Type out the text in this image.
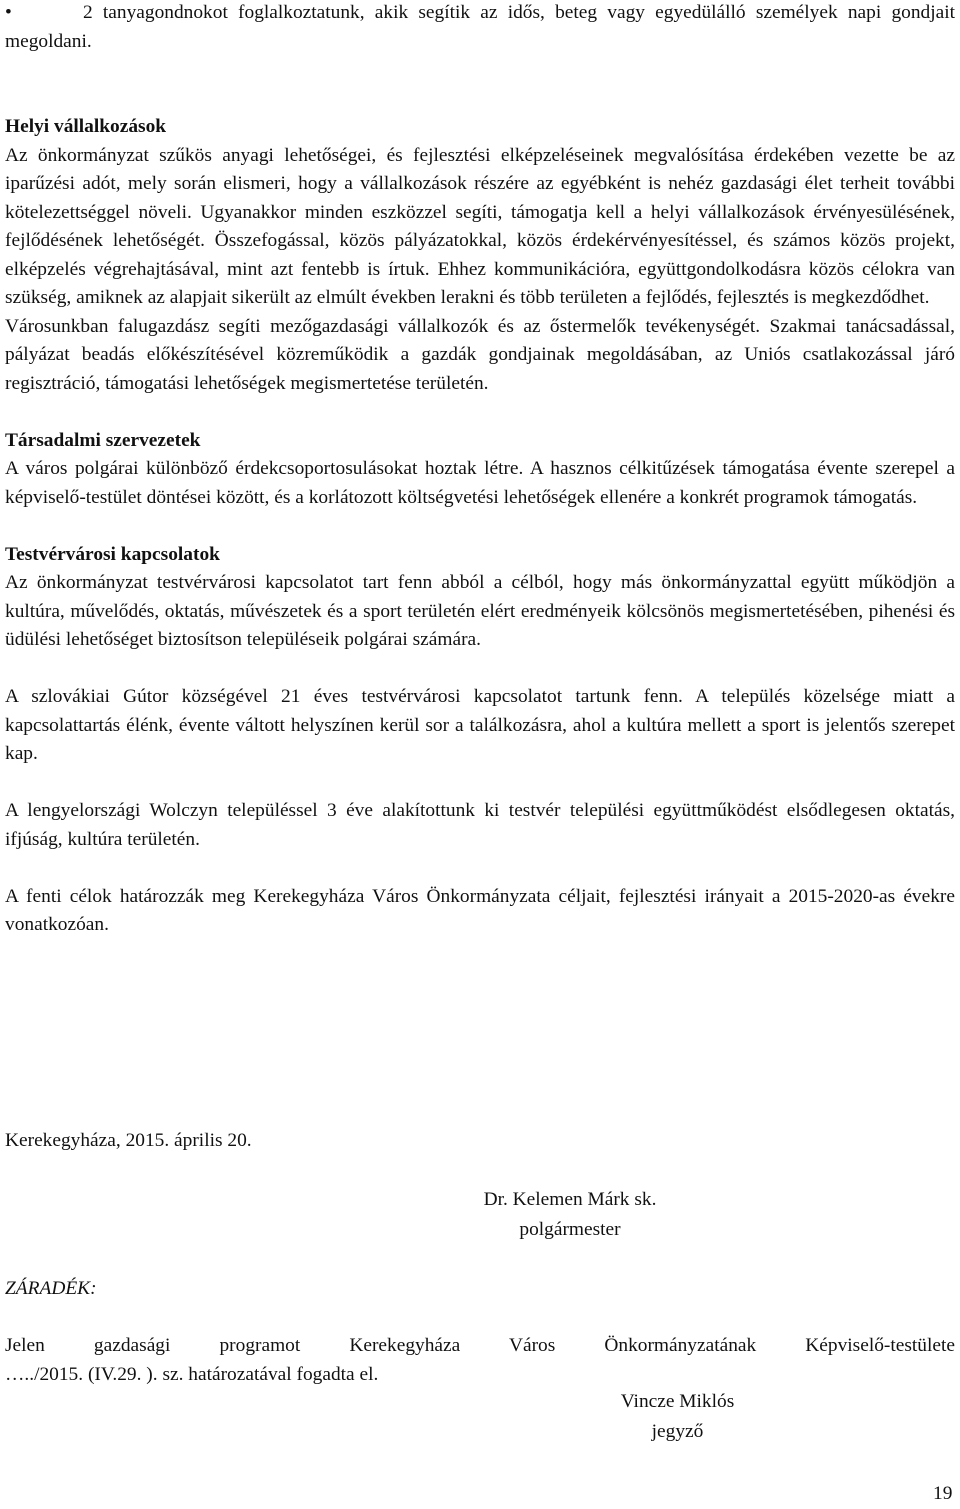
•	2 tanyagondnokot foglalkoztatunk, akik segítik az idős, beteg vagy egyedülálló személyek napi gondjait megoldani.
Helyi vállalkozások

Az önkormányzat szűkös anyagi lehetőségei, és fejlesztési elképzeléseinek megvalósítása érdekében vezette be az iparűzési adót, mely során elismeri, hogy a vállalkozások részére az egyébként is nehéz gazdasági élet terheit további kötelezettséggel növeli. Ugyanakkor minden eszközzel segíti, támogatja kell a helyi vállalkozások érvényesülésének, fejlődésének lehetőségét. Összefogással, közös pályázatokkal, közös érdekérvényesítéssel, és számos közös projekt, elképzelés végrehajtásával, mint azt fentebb is írtuk. Ehhez kommunikációra, együttgondolkodásra közös célokra van szükség, amiknek az alapjait sikerült az elmúlt években lerakni és több területen a fejlődés, fejlesztés is megkezdődhet.

Városunkban falugazdász segíti mezőgazdasági vállalkozók és az őstermelők tevékenységét. Szakmai tanácsadással, pályázat beadás előkészítésével közreműködik a gazdák gondjainak megoldásában, az Uniós csatlakozással járó regisztráció, támogatási lehetőségek megismertetése területén.

Társadalmi szervezetek

A város polgárai különböző érdekcsoportosulásokat hoztak létre. A hasznos célkitűzések támogatása évente szerepel a képviselő-testület döntései között, és a korlátozott költségvetési lehetőségek ellenére a konkrét programok támogatás.

Testvérvárosi kapcsolatok

Az önkormányzat testvérvárosi kapcsolatot tart fenn abból a célból, hogy más önkormányzattal együtt működjön a kultúra, művelődés, oktatás, művészetek és a sport területén elért eredményeik kölcsönös megismertetésében, pihenési és üdülési lehetőséget biztosítson településeik polgárai számára.

A szlovákiai Gútor községével 21 éves testvérvárosi kapcsolatot tartunk fenn. A település közelsége miatt a kapcsolattartás élénk, évente váltott helyszínen kerül sor a találkozásra, ahol a kultúra mellett a sport is jelentős szerepet kap.

A lengyelországi Wolczyn településsel 3 éve alakítottunk ki testvér települési együttműködést elsődlegesen oktatás, ifjúság, kultúra területén.

A fenti célok határozzák meg Kerekegyháza Város Önkormányzata céljait, fejlesztési irányait a 2015-2020-as évekre vonatkozóan.

Kerekegyháza, 2015. április 20.
Dr. Kelemen Márk sk.
polgármester
ZÁRADÉK:
Jelen gazdasági programot Kerekegyháza Város Önkormányzatának Képviselő-testülete
…../2015. (IV.29. ). sz. határozatával fogadta el.
Vincze Miklós
jegyző
19
